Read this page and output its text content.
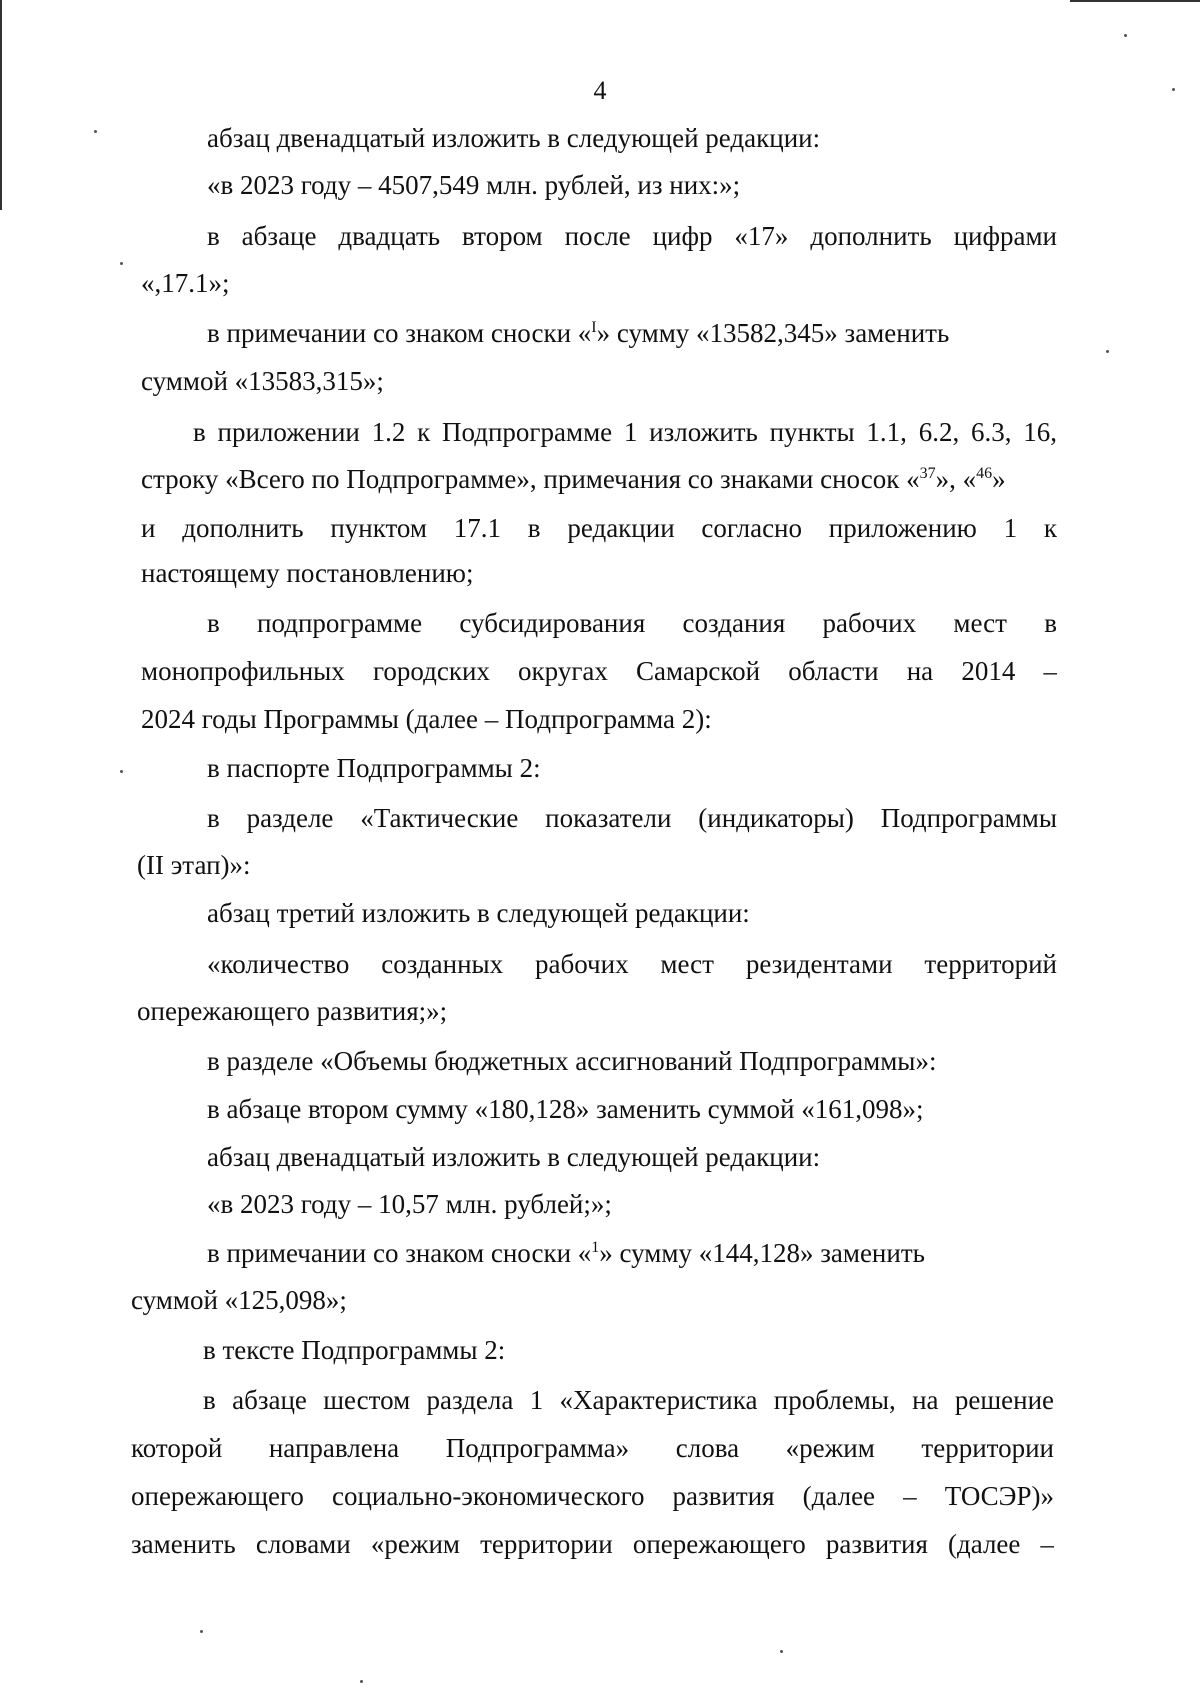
4
абзац двенадцатый изложить в следующей редакции:
«в 2023 году – 4507,549 млн. рублей, из них:»;
в абзаце двадцать втором после цифр «17» дополнить цифрами
«,17.1»;
в примечании со знаком сноски «$^I$» сумму «13582,345» заменить
суммой «13583,315»;
в приложении 1.2 к Подпрограмме 1 изложить пункты 1.1, 6.2, 6.3, 16,
строку «Всего по Подпрограмме», примечания со знаками сносок «$^{37}$», «$^{46}$»
и дополнить пунктом 17.1 в редакции согласно приложению 1 к
настоящему постановлению;
в подпрограмме субсидирования создания рабочих мест в
монопрофильных городских округах Самарской области на 2014 –
2024 годы Программы (далее – Подпрограмма 2):
в паспорте Подпрограммы 2:
в разделе «Тактические показатели (индикаторы) Подпрограммы
(II этап)»:
абзац третий изложить в следующей редакции:
«количество созданных рабочих мест резидентами территорий
опережающего развития;»;
в разделе «Объемы бюджетных ассигнований Подпрограммы»:
в абзаце втором сумму «180,128» заменить суммой «161,098»;
абзац двенадцатый изложить в следующей редакции:
«в 2023 году – 10,57 млн. рублей;»;
в примечании со знаком сноски «$^1$» сумму «144,128» заменить
суммой «125,098»;
в тексте Подпрограммы 2:
в абзаце шестом раздела 1 «Характеристика проблемы, на решение
которой направлена Подпрограмма» слова «режим территории
опережающего социально-экономического развития (далее – ТОСЭР)»
заменить словами «режим территории опережающего развития (далее –
